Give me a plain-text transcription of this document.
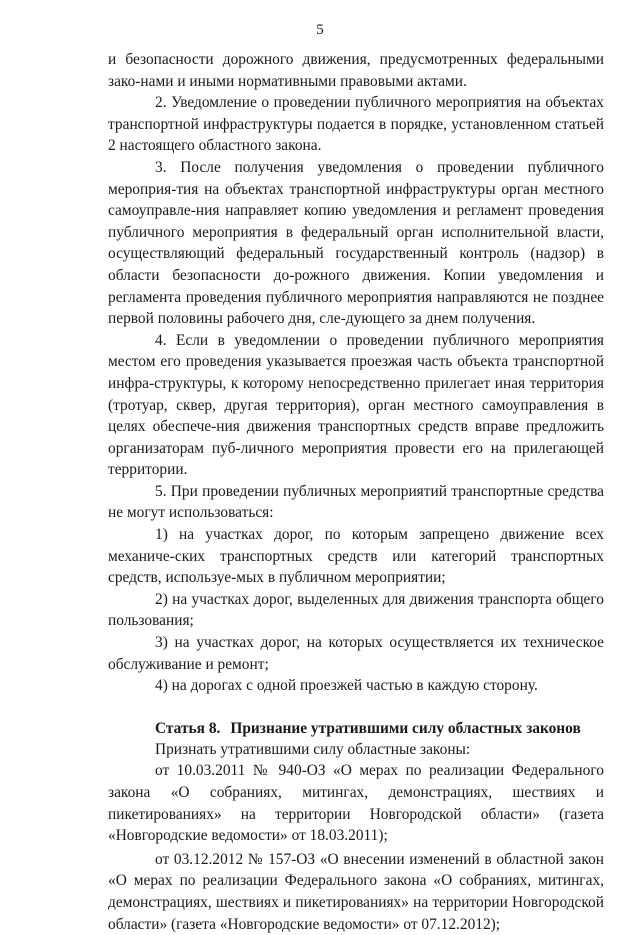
5

и безопасности дорожного движения, предусмотренных федеральными зако-нами и иными нормативными правовыми актами.

2. Уведомление о проведении публичного мероприятия на объектах транспортной инфраструктуры подается в порядке, установленном статьей 2 настоящего областного закона.

3. После получения уведомления о проведении публичного мероприя-тия на объектах транспортной инфраструктуры орган местного самоуправле-ния направляет копию уведомления и регламент проведения публичного мероприятия в федеральный орган исполнительной власти, осуществляющий федеральный государственный контроль (надзор) в области безопасности до-рожного движения. Копии уведомления и регламента проведения публичного мероприятия направляются не позднее первой половины рабочего дня, сле-дующего за днем получения.

4. Если в уведомлении о проведении публичного мероприятия местом его проведения указывается проезжая часть объекта транспортной инфра-структуры, к которому непосредственно прилегает иная территория (тротуар, сквер, другая территория), орган местного самоуправления в целях обеспече-ния движения транспортных средств вправе предложить организаторам пуб-личного мероприятия провести его на прилегающей территории.

5. При проведении публичных мероприятий транспортные средства не могут использоваться:

1) на участках дорог, по которым запрещено движение всех механиче-ских транспортных средств или категорий транспортных средств, используе-мых в публичном мероприятии;

2) на участках дорог, выделенных для движения транспорта общего пользования;

3) на участках дорог, на которых осуществляется их техническое обслуживание и ремонт;

4) на дорогах с одной проезжей частью в каждую сторону.

Статья 8. Признание утратившими силу областных законов

Признать утратившими силу областные законы:

от 10.03.2011 № 940-ОЗ «О мерах по реализации Федерального закона «О собраниях, митингах, демонстрациях, шествиях и пикетированиях» на территории Новгородской области» (газета «Новгородские ведомости» от 18.03.2011);

от 03.12.2012 № 157-ОЗ «О внесении изменений в областной закон «О мерах по реализации Федерального закона «О собраниях, митингах, демонстрациях, шествиях и пикетированиях» на территории Новгородской области» (газета «Новгородские ведомости» от 07.12.2012);
